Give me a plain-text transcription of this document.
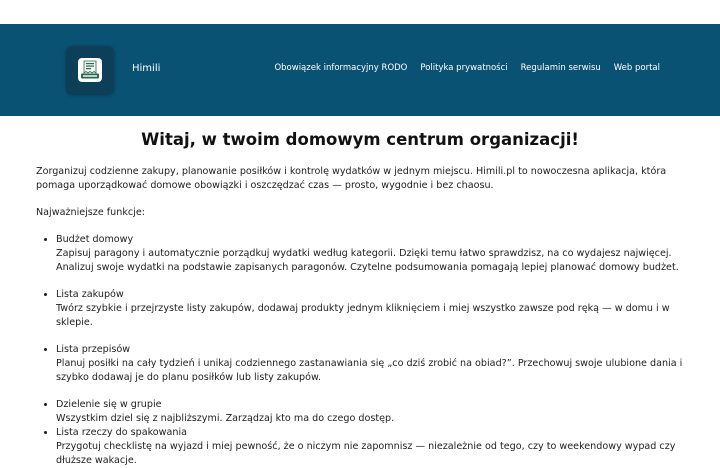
Himili	Obowiązek informacyjny RODO Polityka prywatności Regulamin serwisu Web portal
Witaj, w twoim domowym centrum organizacji!

Zorganizuj codzienne zakupy, planowanie posiłków i kontrolę wydatków w jednym miejscu. Himili.pl to nowoczesna aplikacja, która pomaga uporządkować domowe obowiązki i oszczędzać czas — prosto, wygodnie i bez chaosu.

Najważniejsze funkcje:

• Budżet domowy
Zapisuj paragony i automatycznie porządkuj wydatki według kategorii. Dzięki temu łatwo sprawdzisz, na co wydajesz najwięcej. Analizuj swoje wydatki na podstawie zapisanych paragonów. Czytelne podsumowania pomagają lepiej planować domowy budżet.
• Lista zakupów
Twórz szybkie i przejrzyste listy zakupów, dodawaj produkty jednym kliknięciem i miej wszystko zawsze pod ręką — w domu i w sklepie.
• Lista przepisów
Planuj posiłki na cały tydzień i unikaj codziennego zastanawiania się „co dziś zrobić na obiad?”. Przechowuj swoje ulubione dania i szybko dodawaj je do planu posiłków lub listy zakupów.
• Dzielenie się w grupie
Wszystkim dziel się z najbliższymi. Zarządzaj kto ma do czego dostęp.
• Lista rzeczy do spakowania
Przygotuj checklistę na wyjazd i miej pewność, że o niczym nie zapomnisz — niezależnie od tego, czy to weekendowy wypad czy dłuższe wakacje.
